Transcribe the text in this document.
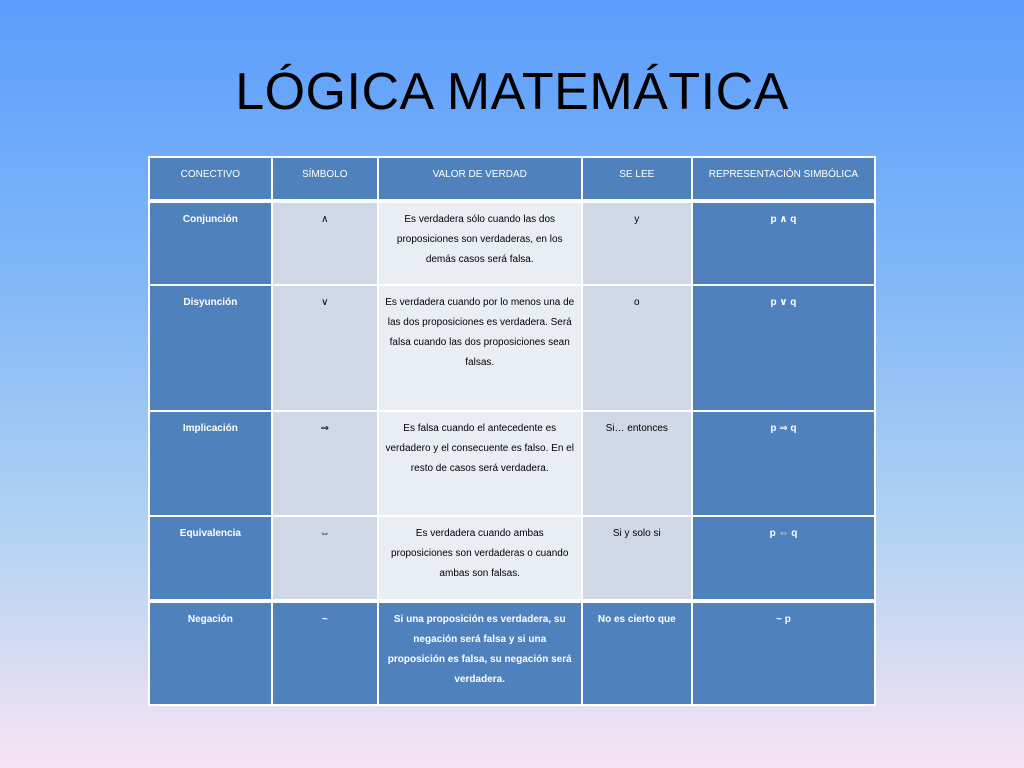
LÓGICA MATEMÁTICA
CONECTIVO	SÍMBOLO	VALOR DE VERDAD	SE LEE	REPRESENTACIÓN SIMBÓLICA
Conjunción	∧	Es verdadera sólo cuando las dos proposiciones son verdaderas, en los demás casos será falsa.	y	p ∧ q
Disyunción	∨	Es verdadera cuando por lo menos una de las dos proposiciones es verdadera. Será falsa cuando las dos proposiciones sean falsas.	o	p ∨ q
Implicación	⇒	Es falsa cuando el antecedente es verdadero y el consecuente es falso. En el resto de casos será verdadera.	Si… entonces	p ⇒ q
Equivalencia	⇔	Es verdadera cuando ambas proposiciones son verdaderas o cuando ambas son falsas.	Si y solo si	p ⇔ q
Negación	~	Si una proposición es verdadera, su negación será falsa y si una proposición es falsa, su negación será verdadera.	No es cierto que	~ p
